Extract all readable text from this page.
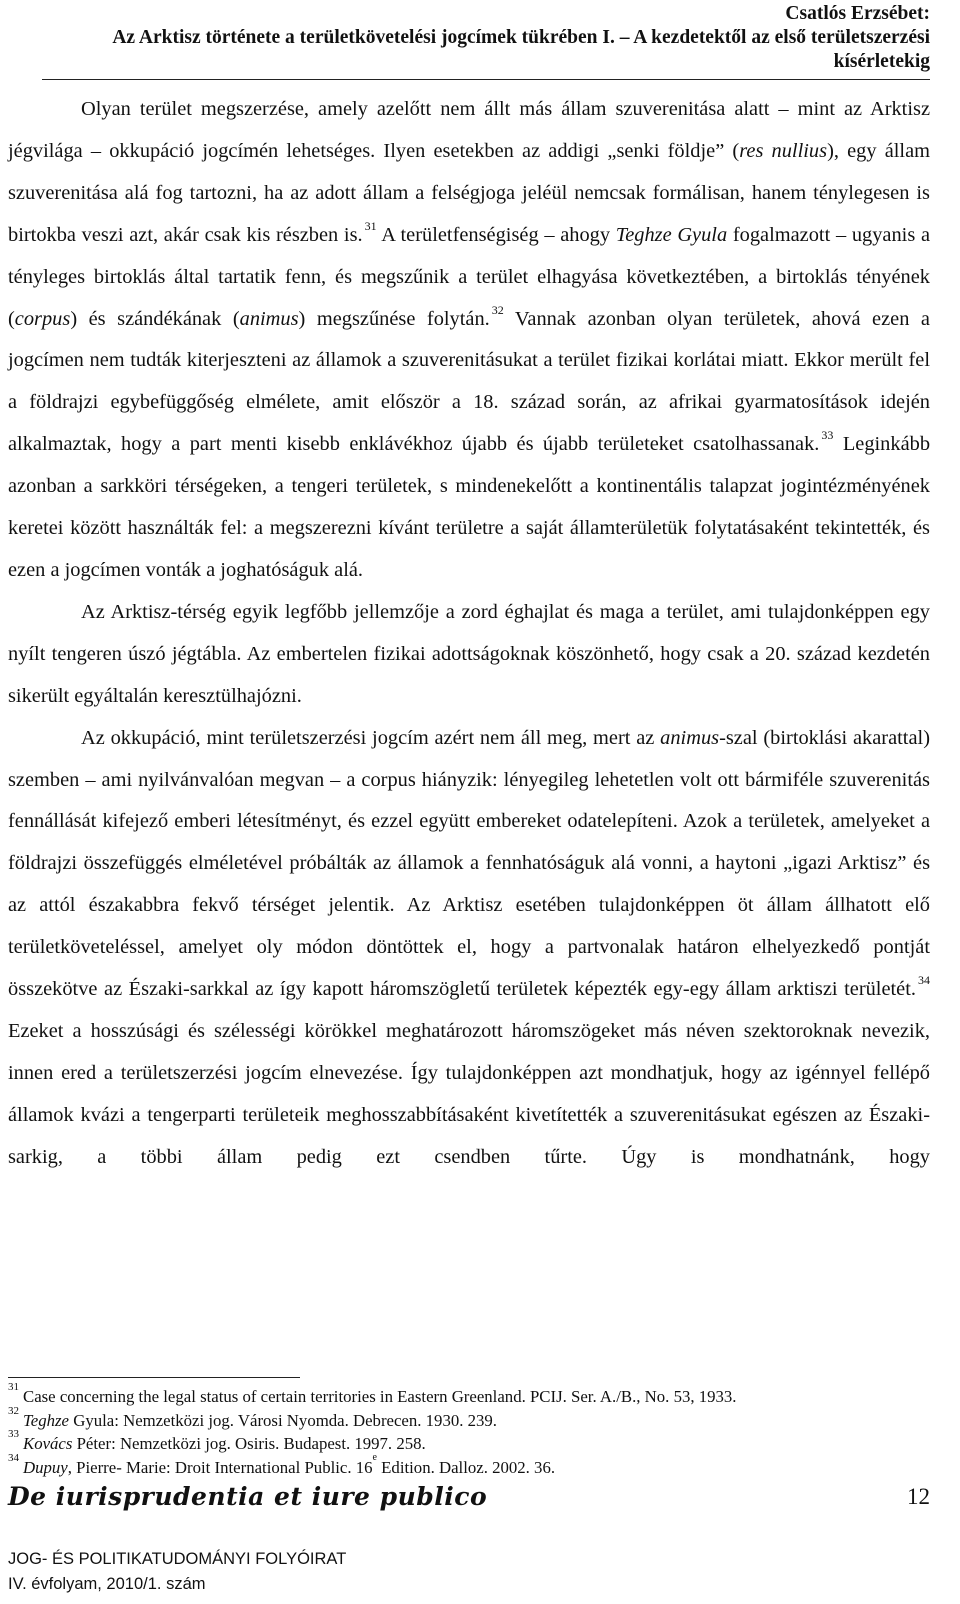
Csatlós Erzsébet:
Az Arktisz története a területkövetelési jogcímek tükrében I. – A kezdetektől az első területszerzési
kísérletekig

Olyan terület megszerzése, amely azelőtt nem állt más állam szuverenitása alatt – mint az Arktisz jégvilága – okkupáció jogcímén lehetséges. Ilyen esetekben az addigi „senki földje” (res nullius), egy állam szuverenitása alá fog tartozni, ha az adott állam a felségjoga jeléül nemcsak formálisan, hanem ténylegesen is birtokba veszi azt, akár csak kis részben is. $^{31}$ A területfenségiség – ahogy Teghze Gyula fogalmazott – ugyanis a tényleges birtoklás által tartatik fenn, és megszűnik a terület elhagyása következtében, a birtoklás tényének (corpus) és szándékának (animus) megszűnése folytán. $^{32}$ Vannak azonban olyan területek, ahová ezen a jogcímen nem tudták kiterjeszteni az államok a szuverenitásukat a terület fizikai korlátai miatt. Ekkor merült fel a földrajzi egybefüggőség elmélete, amit először a 18. század során, az afrikai gyarmatosítások idején alkalmaztak, hogy a part menti kisebb enklávékhoz újabb és újabb területeket csatolhassanak. $^{33}$ Leginkább azonban a sarkköri térségeken, a tengeri területek, s mindenekelőtt a kontinentális talapzat jogintézményének keretei között használták fel: a megszerezni kívánt területre a saját államterületük folytatásaként tekintették, és ezen a jogcímen vonták a joghatóságuk alá.

Az Arktisz-térség egyik legfőbb jellemzője a zord éghajlat és maga a terület, ami tulajdonképpen egy nyílt tengeren úszó jégtábla. Az embertelen fizikai adottságoknak köszönhető, hogy csak a 20. század kezdetén sikerült egyáltalán keresztülhajózni.

Az okkupáció, mint területszerzési jogcím azért nem áll meg, mert az animus-szal (birtoklási akarattal) szemben – ami nyilvánvalóan megvan – a corpus hiányzik: lényegileg lehetetlen volt ott bármiféle szuverenitás fennállását kifejező emberi létesítményt, és ezzel együtt embereket odatelepíteni. Azok a területek, amelyeket a földrajzi összefüggés elméletével próbálták az államok a fennhatóságuk alá vonni, a haytoni „igazi Arktisz” és az attól északabbra fekvő térséget jelentik. Az Arktisz esetében tulajdonképpen öt állam állhatott elő területköveteléssel, amelyet oly módon döntöttek el, hogy a partvonalak határon elhelyezkedő pontját összekötve az Északi-sarkkal az így kapott háromszögletű területek képezték egy-egy állam arktiszi területét. $^{34}$ Ezeket a hosszúsági és szélességi körökkel meghatározott háromszögeket más néven szektoroknak nevezik, innen ered a területszerzési jogcím elnevezése. Így tulajdonképpen azt mondhatjuk, hogy az igénnyel fellépő államok kvázi a tengerparti területeik meghosszabbításaként kivetítették a szuverenitásukat egészen az Északi-sarkig, a többi állam pedig ezt csendben tűrte. Úgy is mondhatnánk, hogy

$^{31}$ Case concerning the legal status of certain territories in Eastern Greenland. PCIJ. Ser. A./B., No. 53, 1933.
$^{32}$ Teghze Gyula: Nemzetközi jog. Városi Nyomda. Debrecen. 1930. 239.
$^{33}$ Kovács Péter: Nemzetközi jog. Osiris. Budapest. 1997. 258.
$^{34}$ Dupuy, Pierre- Marie: Droit International Public. 16e Edition. Dalloz. 2002. 36.
De iurisprudentia et iure publico	12
JOG- ÉS POLITIKATUDOMÁNYI FOLYÓIRAT
IV. évfolyam, 2010/1. szám
